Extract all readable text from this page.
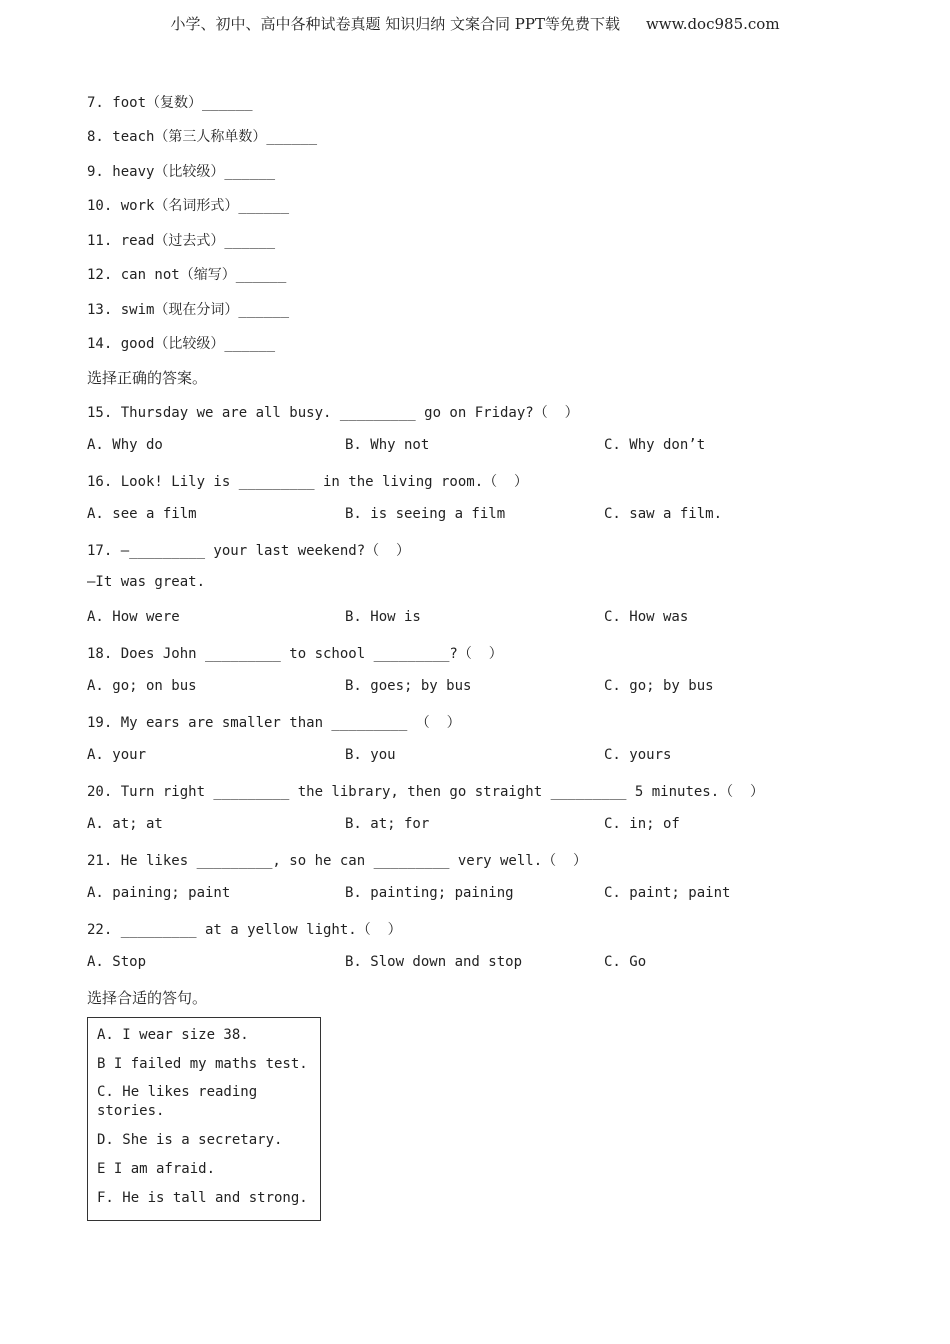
小学、初中、高中各种试卷真题 知识归纳 文案合同 PPT等免费下载 www.doc985.com
7. foot（复数）______
8. teach（第三人称单数）______
9. heavy（比较级）______
10. work（名词形式）______
11. read（过去式）______
12. can not（缩写）______
13. swim（现在分词）______
14. good（比较级）______
选择正确的答案。
15. Thursday we are all busy. _________ go on Friday?（  ）
A. Why do	B. Why not	C. Why don’t
16. Look! Lily is _________ in the living room.（  ）
A. see a film	B. is seeing a film	C. saw a film.
17. —_________ your last weekend?（  ）
—It was great.
A. How were	B. How is	C. How was
18. Does John _________ to school _________?（  ）
A. go; on bus	B. goes; by bus	C. go; by bus
19. My ears are smaller than _________ （  ）
A. your	B. you	C. yours
20. Turn right _________ the library, then go straight _________ 5 minutes.（  ）
A. at; at	B. at; for	C. in; of
21. He likes _________, so he can _________ very well.（  ）
A. paining; paint	B. painting; paining	C. paint; paint
22. _________ at a yellow light.（  ）
A. Stop	B. Slow down and stop	C. Go
选择合适的答句。
A. I wear size 38.
B I failed my maths test.
C. He likes reading stories.
D. She is a secretary.
E I am afraid.
F. He is tall and strong.
